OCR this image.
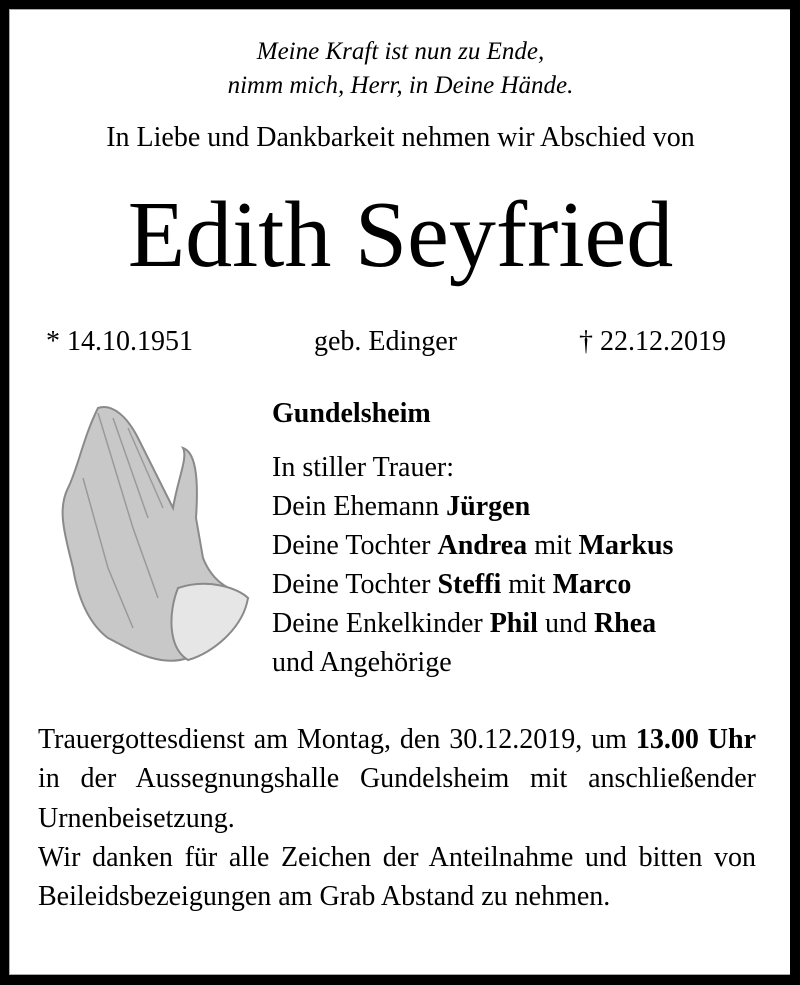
Meine Kraft ist nun zu Ende,
nimm mich, Herr, in Deine Hände.
In Liebe und Dankbarkeit nehmen wir Abschied von
Edith Seyfried
* 14.10.1951	geb. Edinger	† 22.12.2019
Gundelsheim
In stiller Trauer:
Dein Ehemann Jürgen
Deine Tochter Andrea mit Markus
Deine Tochter Steffi mit Marco
Deine Enkelkinder Phil und Rhea
und Angehörige

Trauergottesdienst am Montag, den 30.12.2019, um 13.00 Uhr in der Aussegnungshalle Gundelsheim mit anschließender Urnenbeisetzung.

Wir danken für alle Zeichen der Anteilnahme und bitten von Beileidsbezeigungen am Grab Abstand zu nehmen.
